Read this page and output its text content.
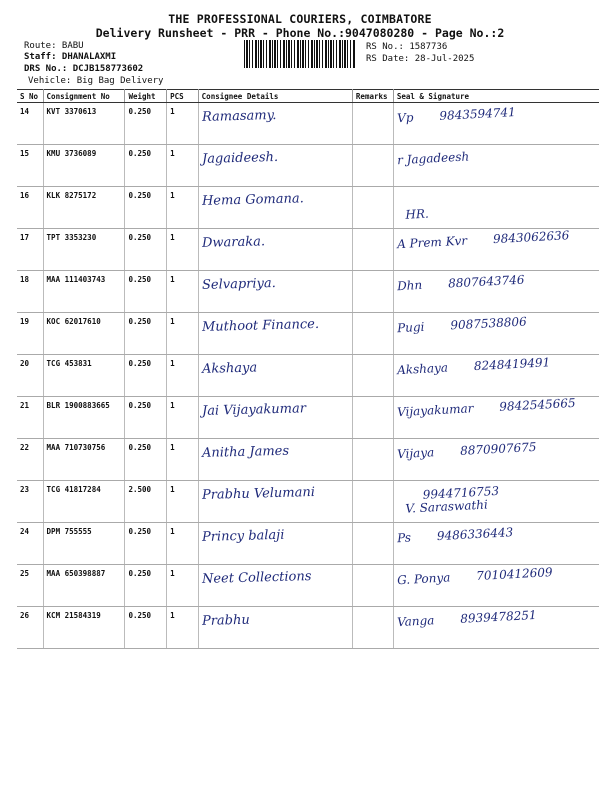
THE PROFESSIONAL COURIERS, COIMBATORE
Delivery Runsheet - PRR - Phone No.:9047080280 - Page No.:2
Route: BABU
Staff: DHANALAXMI
DRS No.: DCJB158773602
Vehicle: Big Bag Delivery
RS No.: 1587736
RS Date: 28-Jul-2025
S No	Consignment No	Weight	PCS	Consignee Details	Remarks	Seal & Signature
14	KVT 3370613	0.250	1	Ramasamy.		Vp 9843594741

15	KMU 3736089	0.250	1	Jagaideesh.		r Jagadeesh

16	KLK 8275172	0.250	1	Hema Gomana.		HR.

17	TPT 3353230	0.250	1	Dwaraka.		A Prem Kvr 9843062636

18	MAA 111403743	0.250	1	Selvapriya.		Dhn 8807643746

19	KOC 62017610	0.250	1	Muthoot Finance.		Pugi 9087538806

20	TCG 453831	0.250	1	Akshaya		Akshaya 8248419491

21	BLR 1900883665	0.250	1	Jai Vijayakumar		Vijayakumar 9842545665

22	MAA 710730756	0.250	1	Anitha James		Vijaya 8870907675

23	TCG 41817284	2.500	1	Prabhu Velumani		9944716753
V. Saraswathi

24	DPM 755555	0.250	1	Princy balaji		Ps 9486336443

25	MAA 650398887	0.250	1	Neet Collections		G. Ponya 7010412609

26	KCM 21584319	0.250	1	Prabhu		Vanga 8939478251
